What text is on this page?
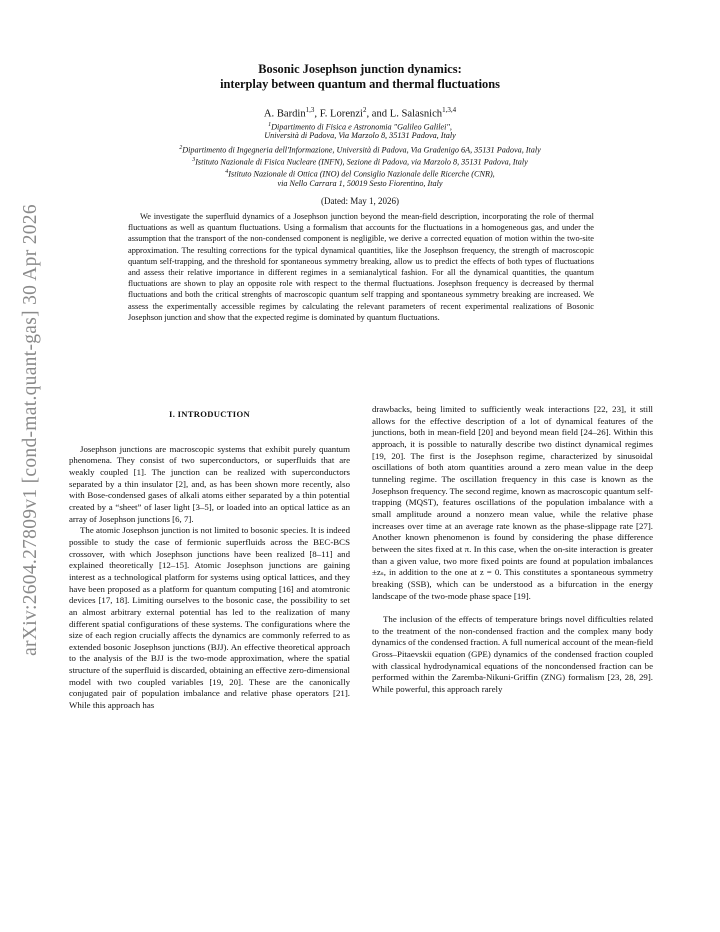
arXiv:2604.27809v1 [cond-mat.quant-gas] 30 Apr 2026
Bosonic Josephson junction dynamics:
interplay between quantum and thermal fluctuations
A. Bardin$^{1,3}$, F. Lorenzi$^2$, and L. Salasnich$^{1,3,4}$
$^1$Dipartimento di Fisica e Astronomia "Galileo Galilei",
Università di Padova, Via Marzolo 8, 35131 Padova, Italy
$^2$Dipartimento di Ingegneria dell'Informazione, Università di Padova, Via Gradenigo 6A, 35131 Padova, Italy
$^3$Istituto Nazionale di Fisica Nucleare (INFN), Sezione di Padova, via Marzolo 8, 35131 Padova, Italy
$^4$Istituto Nazionale di Ottica (INO) del Consiglio Nazionale delle Ricerche (CNR),
via Nello Carrara 1, 50019 Sesto Fiorentino, Italy
(Dated: May 1, 2026)

We investigate the superfluid dynamics of a Josephson junction beyond the mean-field description, incorporating the role of thermal fluctuations as well as quantum fluctuations. Using a formalism that accounts for the fluctuations in a homogeneous gas, and under the assumption that the transport of the non-condensed component is negligible, we derive a corrected equation of motion within the two-site approximation. The resulting corrections for the typical dynamical quantities, like the Josephson frequency, the strength of macroscopic quantum self-trapping, and the threshold for spontaneous symmetry breaking, allow us to predict the effects of both types of fluctuations and assess their relative importance in different regimes in a semianalytical fashion. For all the dynamical quantities, the quantum fluctuations are shown to play an opposite role with respect to the thermal fluctuations. Josephson frequency is decreased by thermal fluctuations and both the critical strenghts of macroscopic quantum self trapping and spontaneous symmetry breaking are increased. We assess the experimentally accessible regimes by calculating the relevant parameters of recent experimental realizations of Bosonic Josephson junction and show that the expected regime is dominated by quantum fluctuations.

I. INTRODUCTION

Josephson junctions are macroscopic systems that exhibit purely quantum phenomena. They consist of two superconductors, or superfluids that are weakly coupled [1]. The junction can be realized with superconductors separated by a thin insulator [2], and, as has been shown more recently, also with Bose-condensed gases of alkali atoms either separated by a thin potential created by a “sheet” of laser light [3–5], or loaded into an optical lattice as an array of Josephson junctions [6, 7].

The atomic Josephson junction is not limited to bosonic species. It is indeed possible to study the case of fermionic superfluids across the BEC-BCS crossover, with which Josephson junctions have been realized [8–11] and explained theoretically [12–15]. Atomic Josephson junctions are gaining interest as a technological platform for systems using optical lattices, and they have been proposed as a platform for quantum computing [16] and atomtronic devices [17, 18]. Limiting ourselves to the bosonic case, the possibility to set an almost arbitrary external potential has led to the realization of many different spatial configurations of these systems. The configurations where the size of each region crucially affects the dynamics are commonly referred to as extended bosonic Josephson junctions (BJJ). An effective theoretical approach to the analysis of the BJJ is the two-mode approximation, where the spatial structure of the superfluid is discarded, obtaining an effective zero-dimensional model with two coupled variables [19, 20]. These are the canonically conjugated pair of population imbalance and relative phase operators [21]. While this approach has

drawbacks, being limited to sufficiently weak interactions [22, 23], it still allows for the effective description of a lot of dynamical features of the junctions, both in mean-field [20] and beyond mean field [24–26]. Within this approach, it is possible to naturally describe two distinct dynamical regimes [19, 20]. The first is the Josephson regime, characterized by sinusoidal oscillations of both atom quantities around a zero mean value in the deep tunneling regime. The oscillation frequency in this case is known as the Josephson frequency. The second regime, known as macroscopic quantum self-trapping (MQST), features oscillations of the population imbalance with a small amplitude around a nonzero mean value, while the relative phase increases over time at an average rate known as the phase-slippage rate [27]. Another known phenomenon is found by considering the phase difference between the sites fixed at π. In this case, when the on-site interaction is greater than a given value, two more fixed points are found at population imbalances ±zₛ, in addition to the one at z = 0. This constitutes a spontaneous symmetry breaking (SSB), which can be understood as a bifurcation in the energy landscape of the two-mode phase space [19].

The inclusion of the effects of temperature brings novel difficulties related to the treatment of the non-condensed fraction and the complex many body dynamics of the condensed fraction. A full numerical account of the mean-field Gross–Pitaevskii equation (GPE) dynamics of the condensed fraction coupled with classical hydrodynamical equations of the noncondensed fraction can be performed within the Zaremba-Nikuni-Griffin (ZNG) formalism [23, 28, 29]. While powerful, this approach rarely
